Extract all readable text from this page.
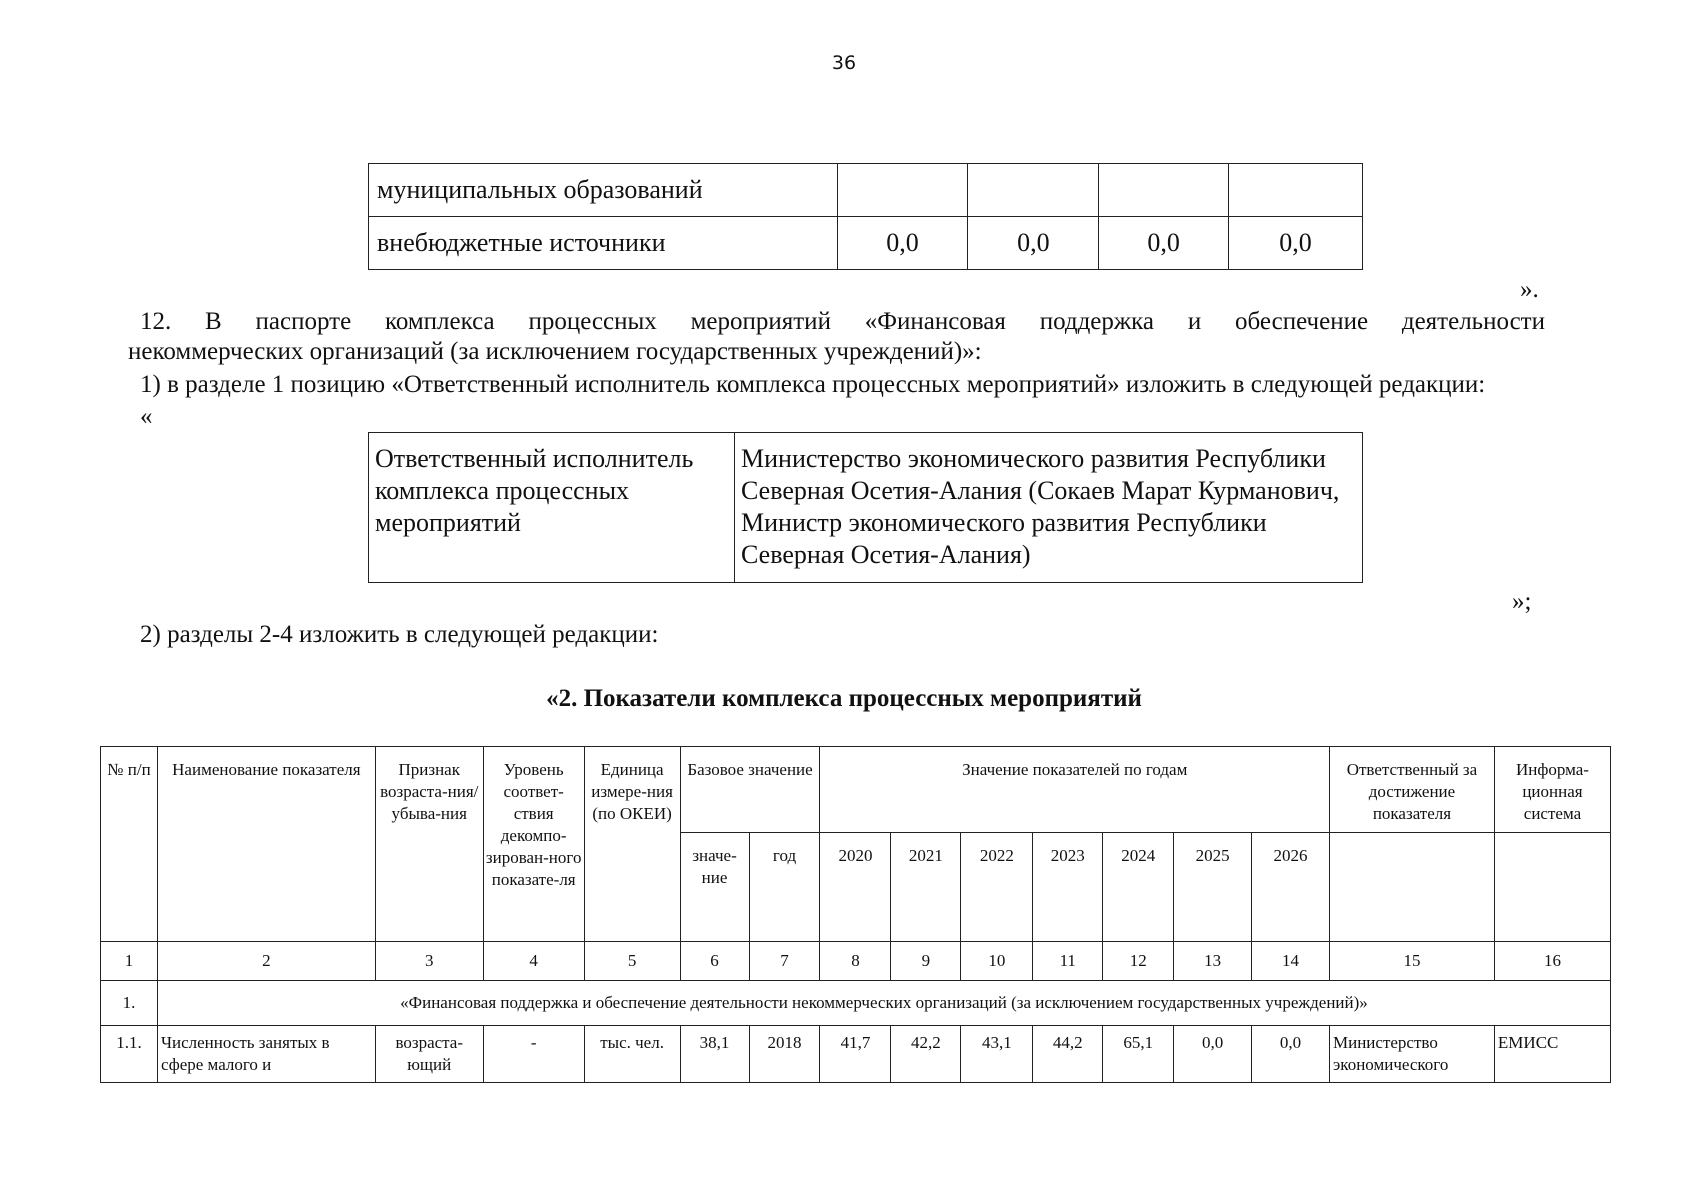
36
муниципальных образований				
внебюджетные источники	0,0	0,0	0,0	0,0
».
12. В паспорте комплекса процессных мероприятий «Финансовая поддержка и обеспечение деятельности
некоммерческих организаций (за исключением государственных учреждений)»:
1) в разделе 1 позицию «Ответственный исполнитель комплекса процессных мероприятий» изложить в следующей редакции:
«
Ответственный исполнитель комплекса процессных мероприятий	Министерство экономического развития Республики Северная Осетия-Алания (Сокаев Марат Курманович, Министр экономического развития Республики Северная Осетия-Алания)
»;
2) разделы 2-4 изложить в следующей редакции:
«2. Показатели комплекса процессных мероприятий
№ п/п	Наименование показателя	Признак возраста-ния/убыва-ния	Уровень соответ-ствия декомпо-зирован-ного показате-ля	Единица измере-ния (по ОКЕИ)	Базовое значение		Значение показателей по годам							Ответственный за достижение показателя	Информа-ционная система
					значе-ние	год	2020	2021	2022	2023	2024	2025	2026		
1	2	3	4	5	6	7	8	9	10	11	12	13	14	15	16
1.	«Финансовая поддержка и обеспечение деятельности некоммерческих организаций (за исключением государственных учреждений)»														
1.1.	Численность занятых в сфере малого и	возраста-ющий	-	тыс. чел.	38,1	2018	41,7	42,2	43,1	44,2	65,1	0,0	0,0	Министерство экономического	ЕМИСС
